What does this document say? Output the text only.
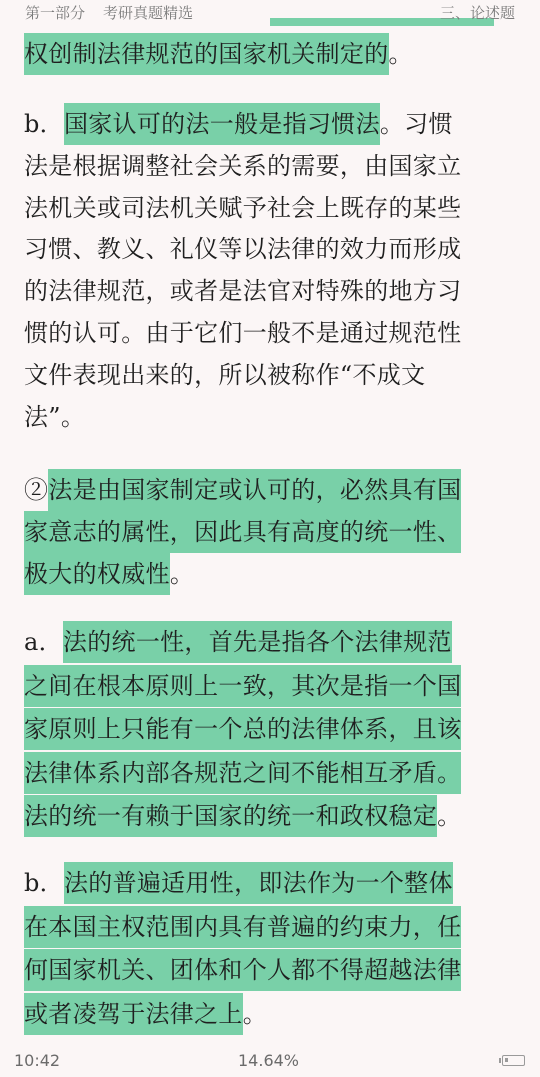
第一部分 考研真题精选	三、论述题
权创制法律规范的国家机关制定的。
b．国家认可的法一般是指习惯法。习惯
法是根据调整社会关系的需要，由国家立
法机关或司法机关赋予社会上既存的某些
习惯、教义、礼仪等以法律的效力而形成
的法律规范，或者是法官对特殊的地方习
惯的认可。由于它们一般不是通过规范性
文件表现出来的，所以被称作“不成文
法”。
②法是由国家制定或认可的，必然具有国
家意志的属性，因此具有高度的统一性、
极大的权威性。
a．法的统一性，首先是指各个法律规范
之间在根本原则上一致，其次是指一个国
家原则上只能有一个总的法律体系，且该
法律体系内部各规范之间不能相互矛盾。
法的统一有赖于国家的统一和政权稳定。
b．法的普遍适用性，即法作为一个整体
在本国主权范围内具有普遍的约束力，任
何国家机关、团体和个人都不得超越法律
或者凌驾于法律之上。
10:42	14.64%
